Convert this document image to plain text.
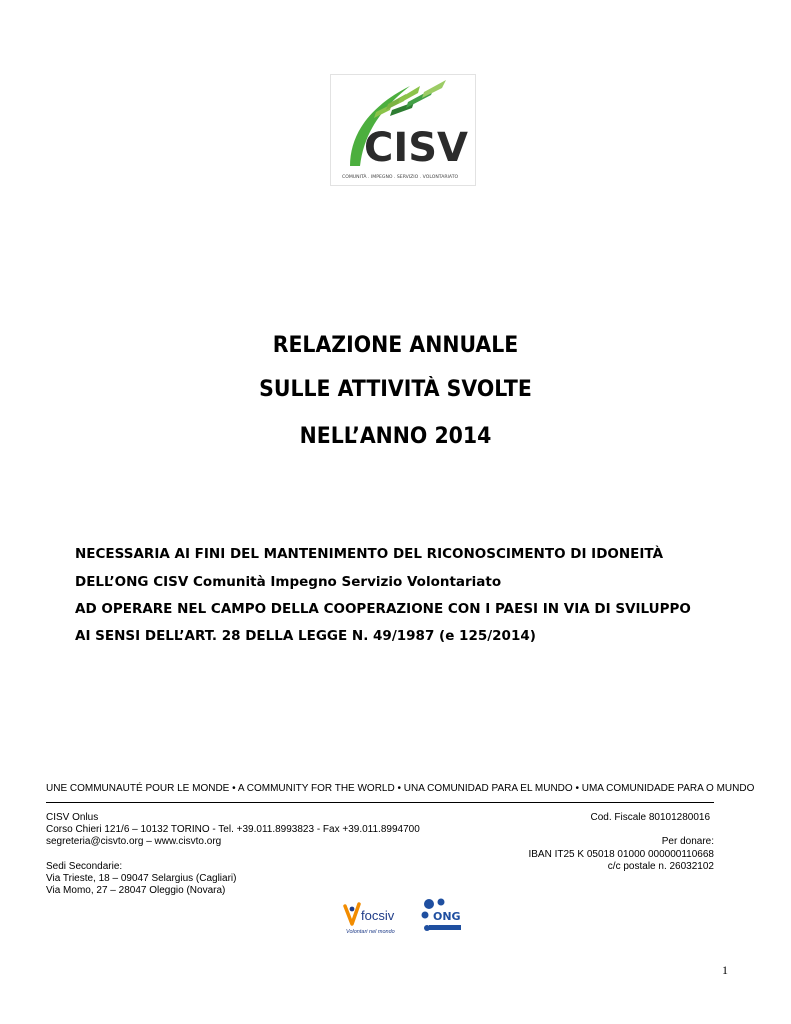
CISV
COMUNITÀ . IMPEGNO . SERVIZIO . VOLONTARIATO
RELAZIONE ANNUALE
SULLE ATTIVITÀ SVOLTE
NELL’ANNO 2014
NECESSARIA AI FINI DEL MANTENIMENTO DEL RICONOSCIMENTO DI IDONEITÀ
DELL’ONG CISV Comunità Impegno Servizio Volontariato
AD OPERARE NEL CAMPO DELLA COOPERAZIONE CON I PAESI IN VIA DI SVILUPPO
AI SENSI DELL’ART. 28 DELLA LEGGE N. 49/1987 (e 125/2014)
UNE COMMUNAUTÉ POUR LE MONDE • A COMMUNITY FOR THE WORLD • UNA COMUNIDAD PARA EL MUNDO • UMA COMUNIDADE PARA O MUNDO
CISV Onlus
Corso Chieri 121/6 – 10132 TORINO - Tel. +39.011.8993823 - Fax +39.011.8994700
segreteria@cisvto.org – www.cisvto.org
Sedi Secondarie:
Via Trieste, 18 – 09047 Selargius (Cagliari)
Via Momo, 27 – 28047 Oleggio (Novara)
Cod. Fiscale 80101280016
Per donare:
IBAN IT25 K 05018 01000 000000110668
c/c postale n. 26032102
focsiv
Volontari nel mondo
ONG
1
